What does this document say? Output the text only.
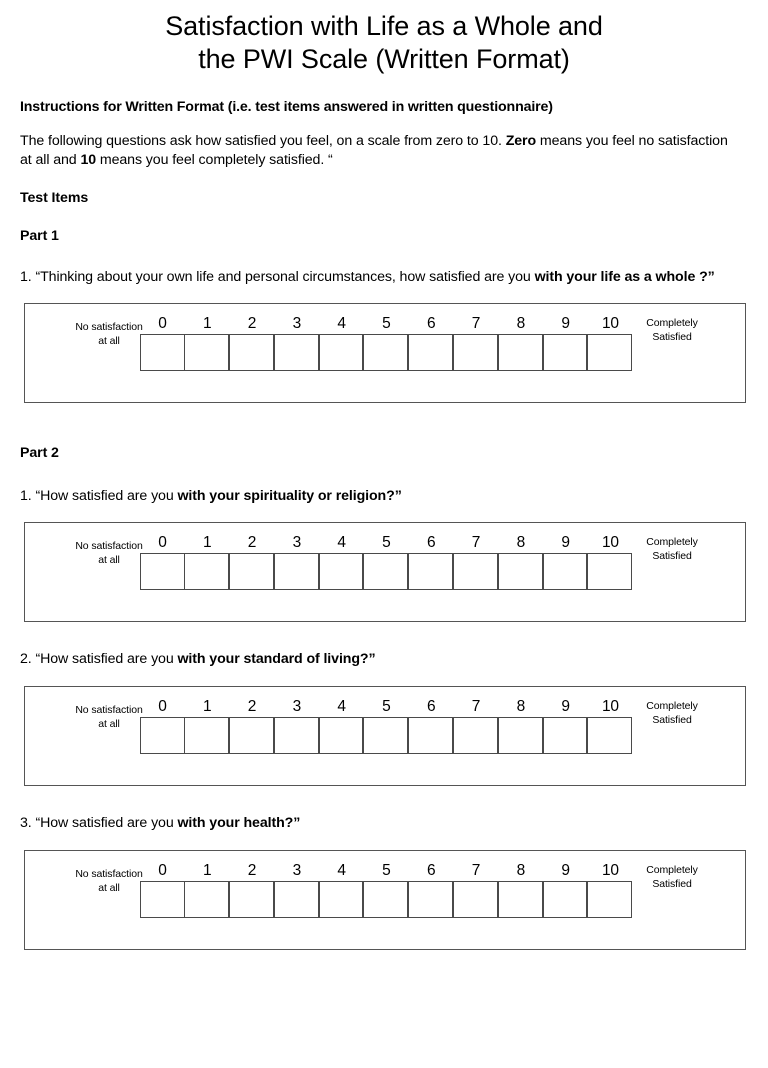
Satisfaction with Life as a Whole and
the PWI Scale (Written Format)
Instructions for Written Format (i.e. test items answered in written questionnaire)

The following questions ask how satisfied you feel, on a scale from zero to 10. Zero means you feel no satisfaction at all and 10 means you feel completely satisfied. “

Test Items
Part 1

1. “Thinking about your own life and personal circumstances, how satisfied are you with your life as a whole ?”

No satisfaction
at all
Completely
Satisfied
0 1 2 3 4 5 6 7 8 9 10
Part 2

1. “How satisfied are you with your spirituality or religion?”

No satisfaction
at all
Completely
Satisfied
0 1 2 3 4 5 6 7 8 9 10

2. “How satisfied are you with your standard of living?”

No satisfaction
at all
Completely
Satisfied
0 1 2 3 4 5 6 7 8 9 10

3. “How satisfied are you with your health?”

No satisfaction
at all
Completely
Satisfied
0 1 2 3 4 5 6 7 8 9 10
